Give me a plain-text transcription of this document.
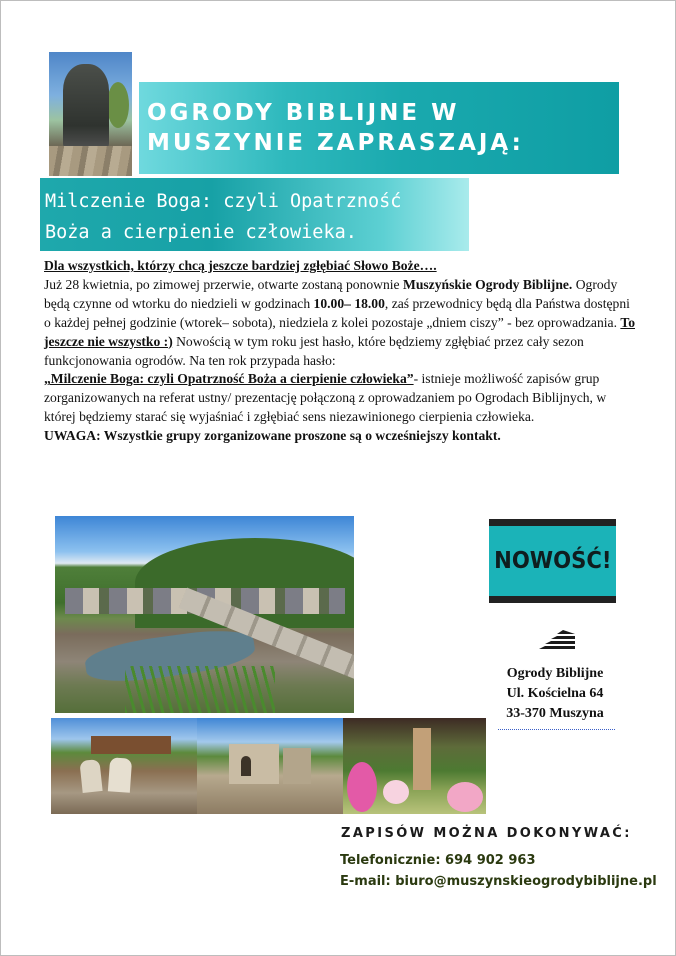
OGRODY BIBLIJNE W
MUSZYNIE ZAPRASZAJĄ:

Milczenie Boga: czyli Opatrzność
Boża a cierpienie człowieka.

Dla wszystkich, którzy chcą jeszcze bardziej zgłębiać Słowo Boże….

Już 28 kwietnia, po zimowej przerwie, otwarte zostaną ponownie Muszyńskie Ogrody Biblijne. Ogrody będą czynne od wtorku do niedzieli w godzinach 10.00– 18.00, zaś przewodnicy będą dla Państwa dostępni o każdej pełnej godzinie (wtorek– sobota), niedziela z kolei pozostaje „dniem ciszy” - bez oprowadzania. To jeszcze nie wszystko :) Nowością w tym roku jest hasło, które będziemy zgłębiać przez cały sezon funkcjonowania ogrodów. Na ten rok przypada hasło:

„Milczenie Boga: czyli Opatrzność Boża a cierpienie człowieka”- istnieje możliwość zapisów grup zorganizowanych na referat ustny/ prezentację połączoną z oprowadzaniem po Ogrodach Biblijnych, w której będziemy starać się wyjaśniać i zgłębiać sens niezawinionego cierpienia człowieka.

UWAGA: Wszystkie grupy zorganizowane proszone są o wcześniejszy kontakt.

NOWOŚĆ!
Ogrody Biblijne
Ul. Kościelna 64
33-370 Muszyna

ZAPISÓW MOŻNA DOKONYWAĆ:

Telefonicznie: 694 902 963

E-mail: biuro@muszynskieogrodybiblijne.pl
